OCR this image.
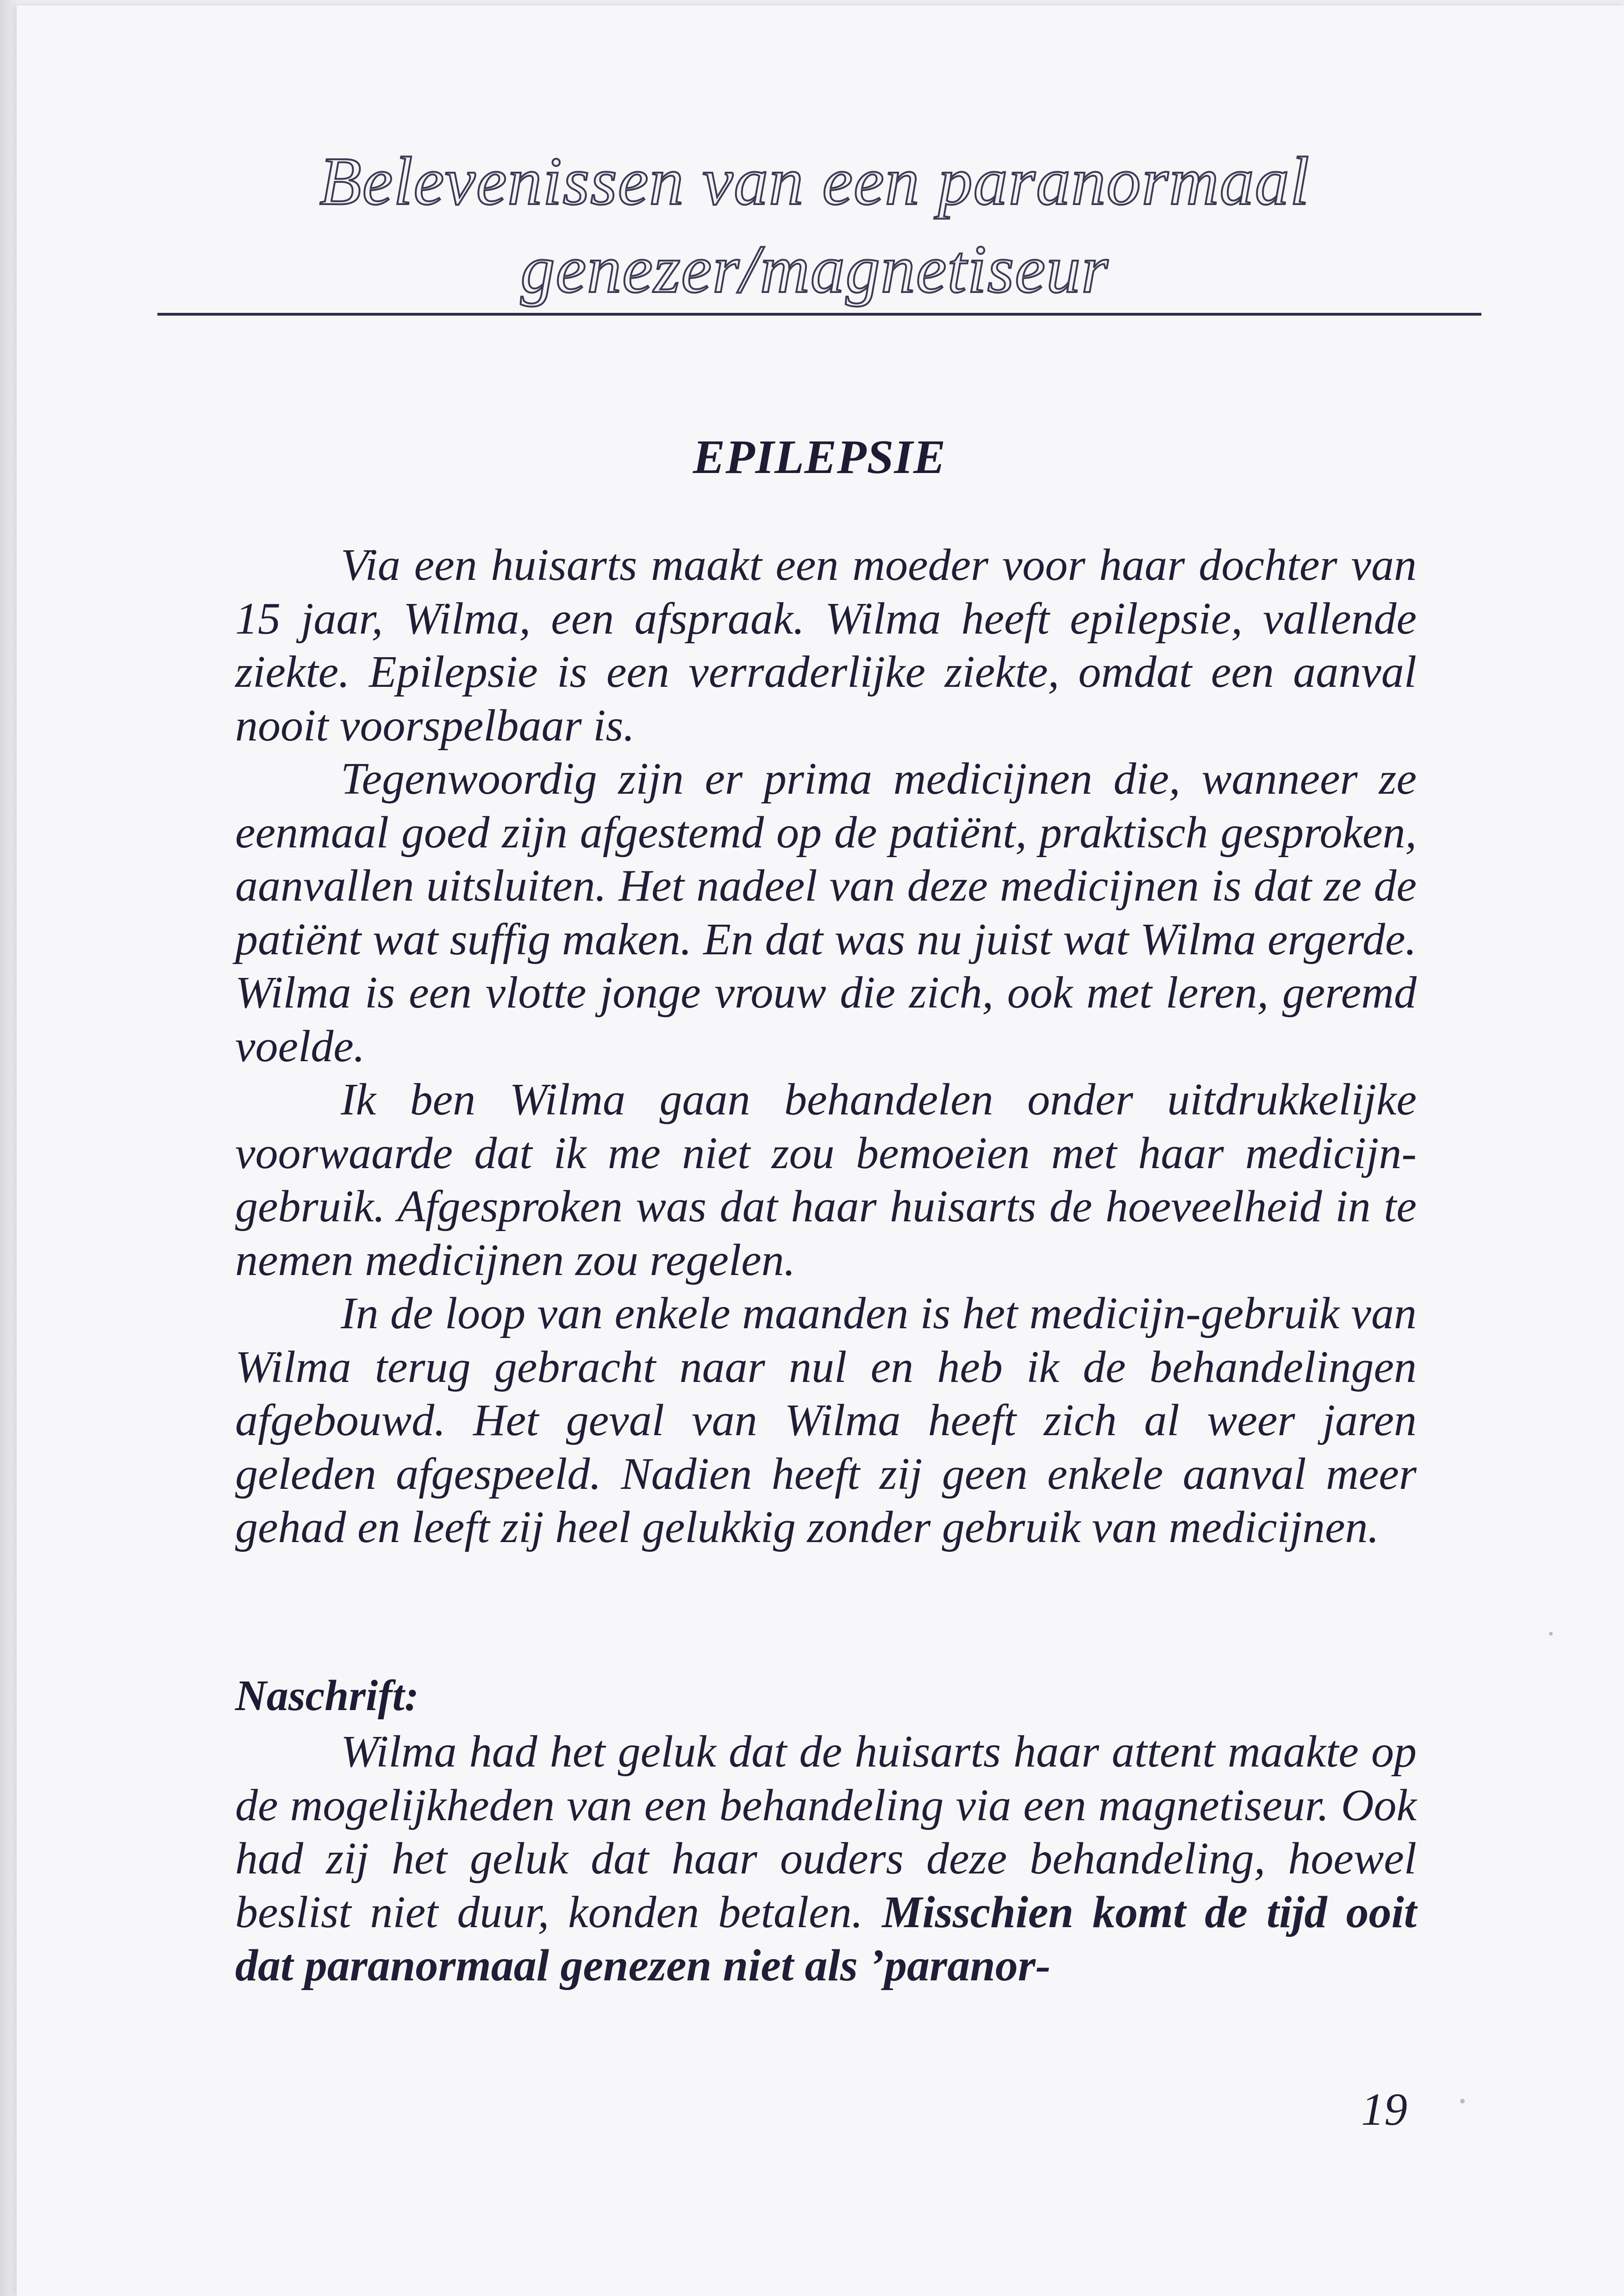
Belevenissen van een paranormaal
genezer/magnetiseur
EPILEPSIE

Via een huisarts maakt een moeder voor haar dochter van 15 jaar, Wilma, een afspraak. Wilma heeft epilepsie, vallende ziekte. Epilepsie is een verraderlijke ziekte, omdat een aanval nooit voorspelbaar is.

Tegenwoordig zijn er prima medicijnen die, wanneer ze eenmaal goed zijn afgestemd op de patiënt, praktisch gesproken, aanvallen uitsluiten. Het nadeel van deze medicijnen is dat ze de patiënt wat suffig maken. En dat was nu juist wat Wilma ergerde. Wilma is een vlotte jonge vrouw die zich, ook met leren, geremd voelde.

Ik ben Wilma gaan behandelen onder uitdrukkelijke voorwaarde dat ik me niet zou bemoeien met haar medicijngebruik. Afgesproken was dat haar huisarts de hoeveelheid in te nemen medicijnen zou regelen.

In de loop van enkele maanden is het medicijn-gebruik van Wilma terug gebracht naar nul en heb ik de behandelingen afgebouwd. Het geval van Wilma heeft zich al weer jaren geleden afgespeeld. Nadien heeft zij geen enkele aanval meer gehad en leeft zij heel gelukkig zonder gebruik van medicijnen.

Naschrift:

Wilma had het geluk dat de huisarts haar attent maakte op de mogelijkheden van een behandeling via een magnetiseur. Ook had zij het geluk dat haar ouders deze behandeling, hoewel beslist niet duur, konden betalen. Misschien komt de tijd ooit dat paranormaal genezen niet als ’paranor-

19
